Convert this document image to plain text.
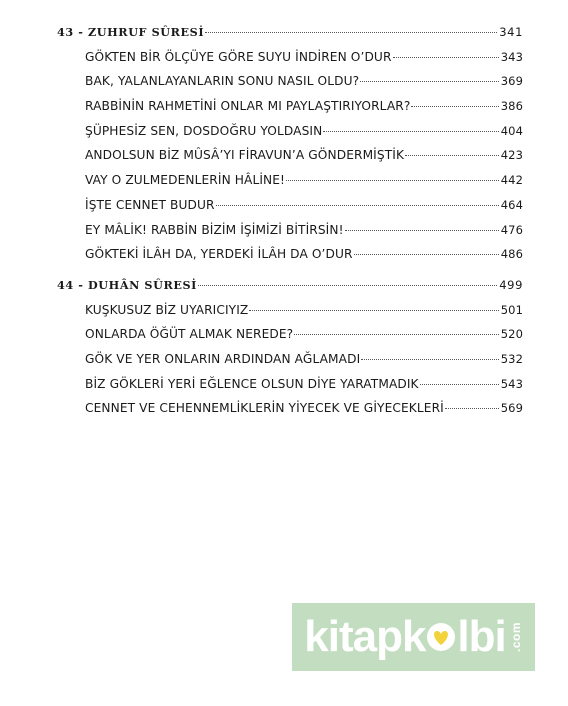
43 - ZUHRUF SÛRESİ	341
GÖKTEN BİR ÖLÇÜYE GÖRE SUYU İNDİREN O’DUR	343
BAK, YALANLAYANLARIN SONU NASIL OLDU?	369
RABBİNİN RAHMETİNİ ONLAR MI PAYLAŞTIRIYORLAR?	386
ŞÜPHESİZ SEN, DOSDOĞRU YOLDASIN	404
ANDOLSUN BİZ MÛSÂ’YI FİRAVUN’A GÖNDERMİŞTİK	423
VAY O ZULMEDENLERİN HÂLİNE!	442
İŞTE CENNET BUDUR	464
EY MÂLİK! RABBİN BİZİM İŞİMİZİ BİTİRSİN!	476
GÖKTEKİ İLÂH DA, YERDEKİ İLÂH DA O’DUR	486
44 - DUHÂN SÛRESİ	499
KUŞKUSUZ BİZ UYARICIYIZ	501
ONLARDA ÖĞÜT ALMAK NEREDE?	520
GÖK VE YER ONLARIN ARDINDAN AĞLAMADI	532
BİZ GÖKLERİ YERİ EĞLENCE OLSUN DİYE YARATMADIK	543
CENNET VE CEHENNEMLİKLERİN YİYECEK VE GİYECEKLERİ	569
kitapk lbi .com
